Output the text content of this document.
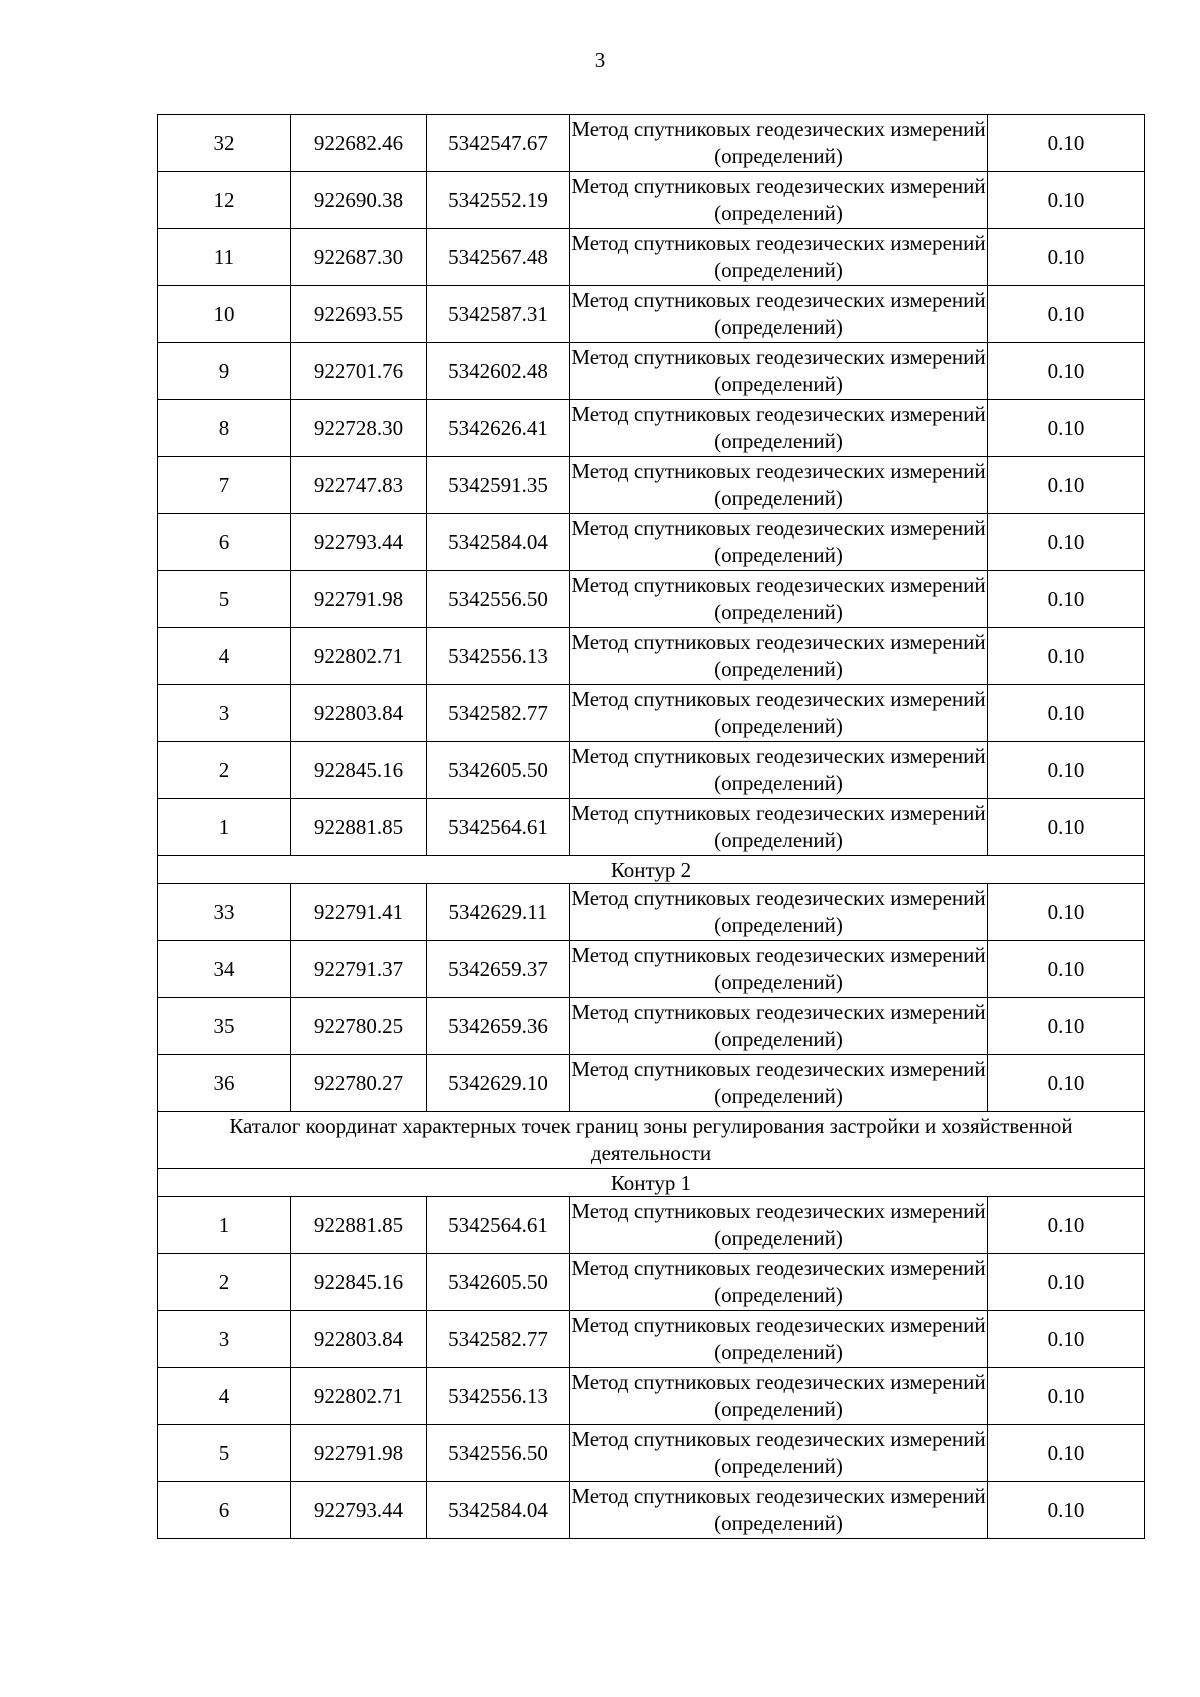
3
32	922682.46	5342547.67	Метод спутниковых геодезических измерений (определений)	0.10
12	922690.38	5342552.19	Метод спутниковых геодезических измерений (определений)	0.10
11	922687.30	5342567.48	Метод спутниковых геодезических измерений (определений)	0.10
10	922693.55	5342587.31	Метод спутниковых геодезических измерений (определений)	0.10
9	922701.76	5342602.48	Метод спутниковых геодезических измерений (определений)	0.10
8	922728.30	5342626.41	Метод спутниковых геодезических измерений (определений)	0.10
7	922747.83	5342591.35	Метод спутниковых геодезических измерений (определений)	0.10
6	922793.44	5342584.04	Метод спутниковых геодезических измерений (определений)	0.10
5	922791.98	5342556.50	Метод спутниковых геодезических измерений (определений)	0.10
4	922802.71	5342556.13	Метод спутниковых геодезических измерений (определений)	0.10
3	922803.84	5342582.77	Метод спутниковых геодезических измерений (определений)	0.10
2	922845.16	5342605.50	Метод спутниковых геодезических измерений (определений)	0.10
1	922881.85	5342564.61	Метод спутниковых геодезических измерений (определений)	0.10
Контур 2				
33	922791.41	5342629.11	Метод спутниковых геодезических измерений (определений)	0.10
34	922791.37	5342659.37	Метод спутниковых геодезических измерений (определений)	0.10
35	922780.25	5342659.36	Метод спутниковых геодезических измерений (определений)	0.10
36	922780.27	5342629.10	Метод спутниковых геодезических измерений (определений)	0.10
Каталог координат характерных точек границ зоны регулирования застройки и хозяйственной деятельности				
Контур 1				
1	922881.85	5342564.61	Метод спутниковых геодезических измерений (определений)	0.10
2	922845.16	5342605.50	Метод спутниковых геодезических измерений (определений)	0.10
3	922803.84	5342582.77	Метод спутниковых геодезических измерений (определений)	0.10
4	922802.71	5342556.13	Метод спутниковых геодезических измерений (определений)	0.10
5	922791.98	5342556.50	Метод спутниковых геодезических измерений (определений)	0.10
6	922793.44	5342584.04	Метод спутниковых геодезических измерений (определений)	0.10
